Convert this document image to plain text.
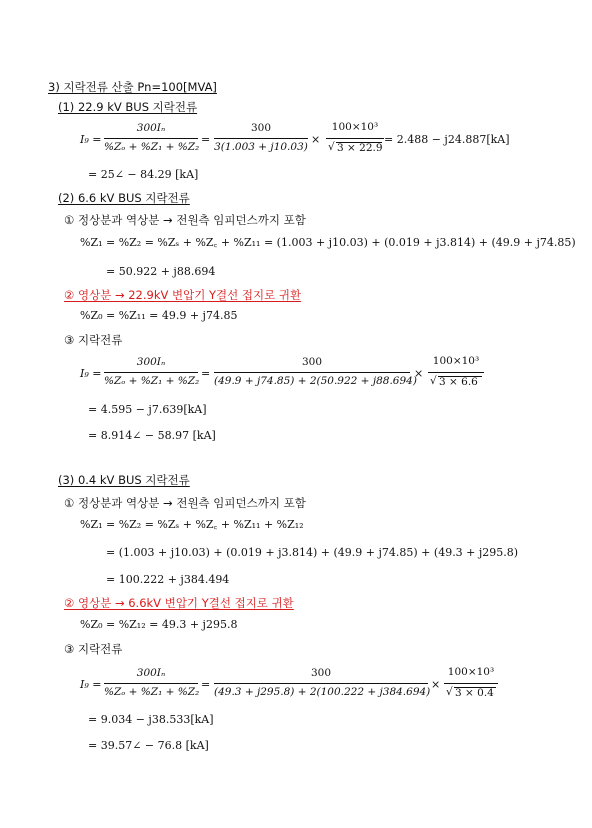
3) 지락전류 산출 Pn=100[MVA]
(1) 22.9 kV BUS 지락전류
I₉ =
300Iₙ
%Zₒ + %Z₁ + %Z₂
=
300
3(1.003 + j10.03)
×
100×10³
√ 3 × 22.9
= 2.488 − j24.887[kA]
= 25∠ − 84.29 [kA]
(2) 6.6 kV BUS 지락전류
① 정상분과 역상분 → 전원측 임피던스까지 포함
%Z₁ = %Z₂ = %Zₛ + %Z꜀ + %Z₁₁ = (1.003 + j10.03) + (0.019 + j3.814) + (49.9 + j74.85)
= 50.922 + j88.694
② 영상분 → 22.9kV 변압기 Y결선 접지로 귀환
%Z₀ = %Z₁₁ = 49.9 + j74.85
③ 지락전류
I₉ =
300Iₙ
%Zₒ + %Z₁ + %Z₂
=
300
(49.9 + j74.85) + 2(50.922 + j88.694)
×
100×10³
√ 3 × 6.6
= 4.595 − j7.639[kA]
= 8.914∠ − 58.97 [kA]
(3) 0.4 kV BUS 지락전류
① 정상분과 역상분 → 전원측 임피던스까지 포함
%Z₁ = %Z₂ = %Zₛ + %Z꜀ + %Z₁₁ + %Z₁₂
= (1.003 + j10.03) + (0.019 + j3.814) + (49.9 + j74.85) + (49.3 + j295.8)
= 100.222 + j384.494
② 영상분 → 6.6kV 변압기 Y결선 접지로 귀환
%Z₀ = %Z₁₂ = 49.3 + j295.8
③ 지락전류
I₉ =
300Iₙ
%Zₒ + %Z₁ + %Z₂
=
300
(49.3 + j295.8) + 2(100.222 + j384.694)
×
100×10³
√ 3 × 0.4
= 9.034 − j38.533[kA]
= 39.57∠ − 76.8 [kA]
